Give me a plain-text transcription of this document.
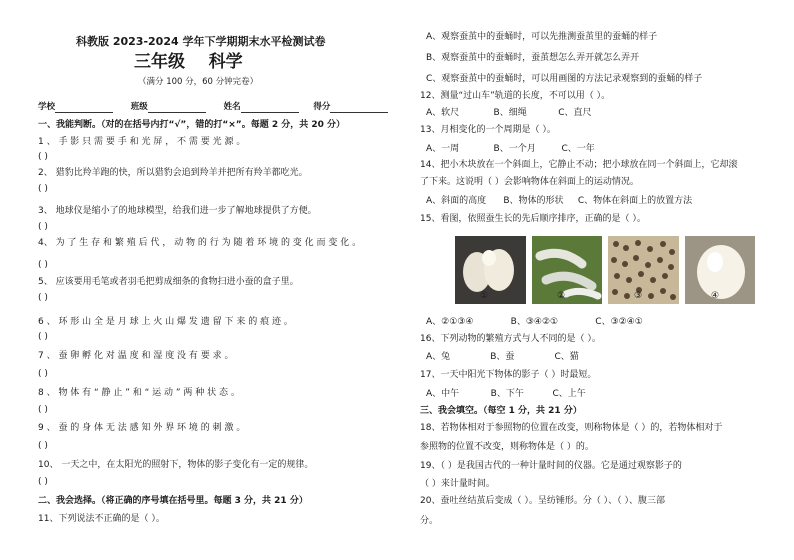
科教版 2023-2024 学年下学期期末水平检测试卷
三年级 科学
（满分 100 分，60 分钟完卷）
学校	班级	姓名	得分
一、我能判断。（对的在括号内打“√”，错的打“×”。每题 2 分，共 20 分）
1 、 手 影 只 需 要 手 和 光 屏 ， 不 需 要 光 源 。
( )
2、 猎豹比羚羊跑的快，所以猎豹会追到羚羊并把所有羚羊都吃光。
( )
3、 地球仪是缩小了的地球模型，给我们进一步了解地球提供了方便。
( )
4、 为 了 生 存 和 繁 殖 后 代 ， 动 物 的 行 为 随 着 环 境 的 变 化 而 变 化 。
( )
5、 应该要用毛笔或者羽毛把剪成细条的食物扫进小蚕的盒子里。
( )
6 、 环 形 山 全 是 月 球 上 火 山 爆 发 遗 留 下 来 的 痕 迹 。
( )
7 、 蚕 卵 孵 化 对 温 度 和 湿 度 没 有 要 求 。
( )
8 、 物 体 有 “ 静 止 ” 和 “ 运 动 ” 两 种 状 态 。
( )
9 、 蚕 的 身 体 无 法 感 知 外 界 环 境 的 刺 激 。
( )
10、 一天之中，在太阳光的照射下，物体的影子变化有一定的规律。
( )
二、我会选择。（将正确的序号填在括号里。每题 3 分，共 21 分）
11、下列说法不正确的是（ ）。
A、观察蚕茧中的蚕蛹时，可以先推测蚕茧里的蚕蛹的样子
B、观察蚕茧中的蚕蛹时，蚕茧想怎么弄开就怎么弄开
C、观察蚕茧中的蚕蛹时，可以用画图的方法记录观察到的蚕蛹的样子
12、测量“过山车”轨道的长度，不可以用（ ）。
A、软尺	B、细绳	C、直尺
13、月相变化的一个周期是（ ）。
A、一周	B、一个月	C、一年
14、把小木块放在一个斜面上，它静止不动；把小球放在同一个斜面上，它却滚
了下来。这说明（ ）会影响物体在斜面上的运动情况。
A、斜面的高度 B、物体的形状 C、物体在斜面上的放置方法
15、看图，依照蚕生长的先后顺序排序，正确的是（ ）。
①	②	③	④
A、②①③④	B、③④②①	C、③②④①
16、下列动物的繁殖方式与人不同的是（ ）。
A、兔	B、蚕	C、猫
17、一天中阳光下物体的影子（ ）时最短。
A、中午	B、下午	C、上午
三、我会填空。（每空 1 分，共 21 分）
18、若物体相对于参照物的位置在改变，则称物体是（ ）的，若物体相对于
参照物的位置不改变，则称物体是（ ）的。
19、（ ）是我国古代的一种计量时间的仪器。它是通过观察影子的
（ ）来计量时间。
20、蚕吐丝结茧后变成（ ）。呈纺锤形。分（ ）、（ ）、腹三部
分。
